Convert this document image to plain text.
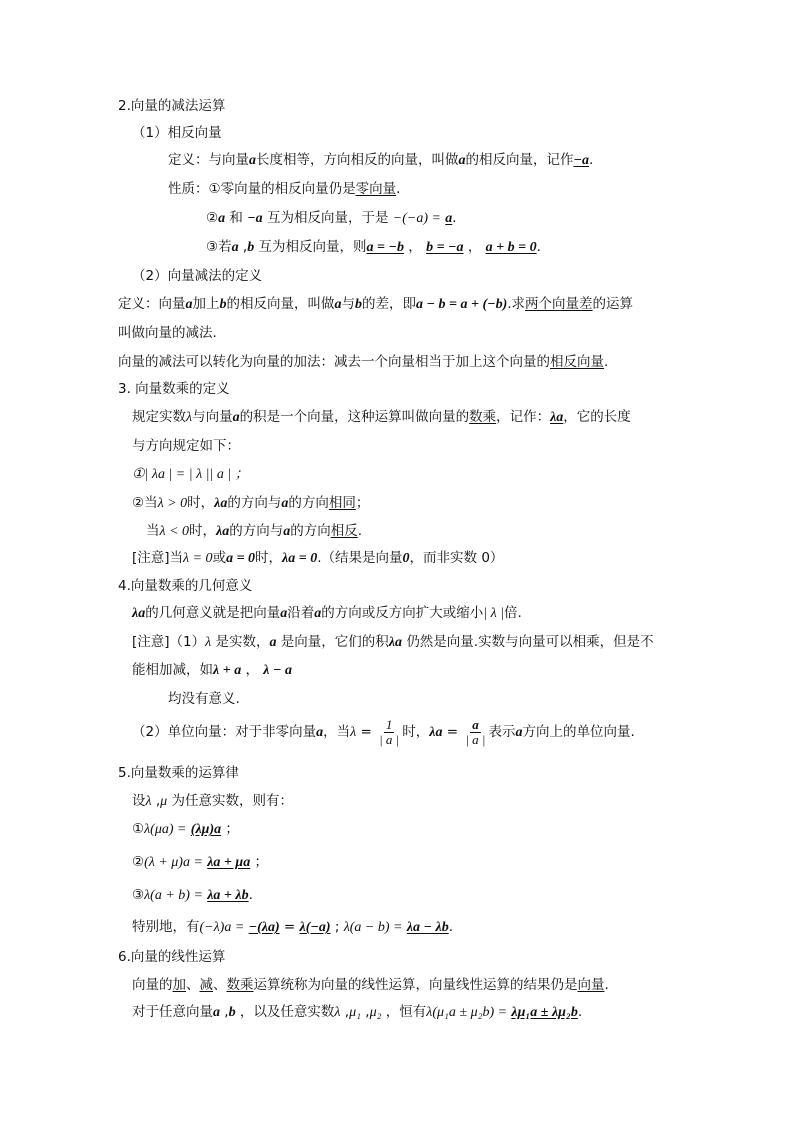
2.向量的减法运算
（1）相反向量
定义：与向量a长度相等，方向相反的向量，叫做a的相反向量，记作−a.
性质：①零向量的相反向量仍是零向量.
②a 和 −a 互为相反向量，于是 −(−a) = a.
③若a ,b 互为相反向量，则a = −b ， b = −a ， a + b = 0.
（2）向量减法的定义
定义：向量a加上b的相反向量，叫做a与b的差，即a − b = a + (−b).求两个向量差的运算
叫做向量的减法.
向量的减法可以转化为向量的加法：减去一个向量相当于加上这个向量的相反向量.
3. 向量数乘的定义
规定实数λ与向量a的积是一个向量，这种运算叫做向量的数乘，记作：λa，它的长度
与方向规定如下：
①| λa | = | λ || a | ；
②当λ > 0时，λa的方向与a的方向相同；
当λ < 0时，λa的方向与a的方向相反.
[注意]当λ = 0或a = 0时，λa = 0.（结果是向量0，而非实数 0）
4.向量数乘的几何意义
λa的几何意义就是把向量a沿着a的方向或反方向扩大或缩小| λ |倍.
[注意]（1）λ 是实数，a 是向量，它们的积λa 仍然是向量.实数与向量可以相乘，但是不
能相加减，如λ + a ， λ − a
均没有意义.
（2）单位向量：对于非零向量a，当$\lambda = \frac{1}{| a |}$ 时，$\lambda a = \frac{a}{| a |}$ 表示a方向上的单位向量.
5.向量数乘的运算律
设λ ,μ 为任意实数，则有：
①λ(μa) = (λμ)a ；
②(λ + μ)a = λa + μa ；
③λ(a + b) = λa + λb.
特别地，有(−λ)a = −(λa) = λ(−a) ; λ(a − b) = λa − λb.
6.向量的线性运算
向量的加、减、数乘运算统称为向量的线性运算，向量线性运算的结果仍是向量.
对于任意向量a ,b ，以及任意实数λ ,μ₁ ,μ₂ ，恒有λ(μ₁a ± μ₂b) = λμ₁a ± λμ₂b.
